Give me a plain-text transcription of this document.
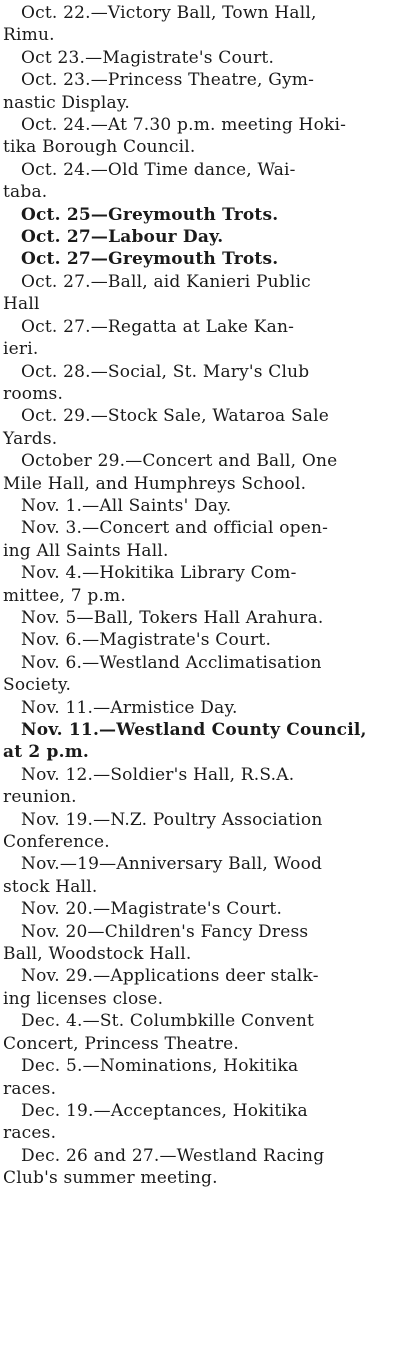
Oct. 22.—Victory Ball, Town Hall,
Rimu.

Oct 23.—Magistrate's Court.

Oct. 23.—Princess Theatre, Gym-
nastic Display.

Oct. 24.—At 7.30 p.m. meeting Hoki-
tika Borough Council.

Oct. 24.—Old Time dance, Wai-
taba.

Oct. 25—Greymouth Trots.

Oct. 27—Labour Day.

Oct. 27—Greymouth Trots.

Oct. 27.—Ball, aid Kanieri Public
Hall

Oct. 27.—Regatta at Lake Kan-
ieri.

Oct. 28.—Social, St. Mary's Club
rooms.

Oct. 29.—Stock Sale, Wataroa Sale
Yards.

October 29.—Concert and Ball, One
Mile Hall, and Humphreys School.

Nov. 1.—All Saints' Day.

Nov. 3.—Concert and official open-
ing All Saints Hall.

Nov. 4.—Hokitika Library Com-
mittee, 7 p.m.

Nov. 5—Ball, Tokers Hall Arahura.

Nov. 6.—Magistrate's Court.

Nov. 6.—Westland Acclimatisation
Society.

Nov. 11.—Armistice Day.

Nov. 11.—Westland County Council,
at 2 p.m.

Nov. 12.—Soldier's Hall, R.S.A.
reunion.

Nov. 19.—N.Z. Poultry Association
Conference.

Nov.—19—Anniversary Ball, Wood
stock Hall.

Nov. 20.—Magistrate's Court.

Nov. 20—Children's Fancy Dress
Ball, Woodstock Hall.

Nov. 29.—Applications deer stalk-
ing licenses close.

Dec. 4.—St. Columbkille Convent
Concert, Princess Theatre.

Dec. 5.—Nominations, Hokitika
races.

Dec. 19.—Acceptances, Hokitika
races.

Dec. 26 and 27.—Westland Racing
Club's summer meeting.
